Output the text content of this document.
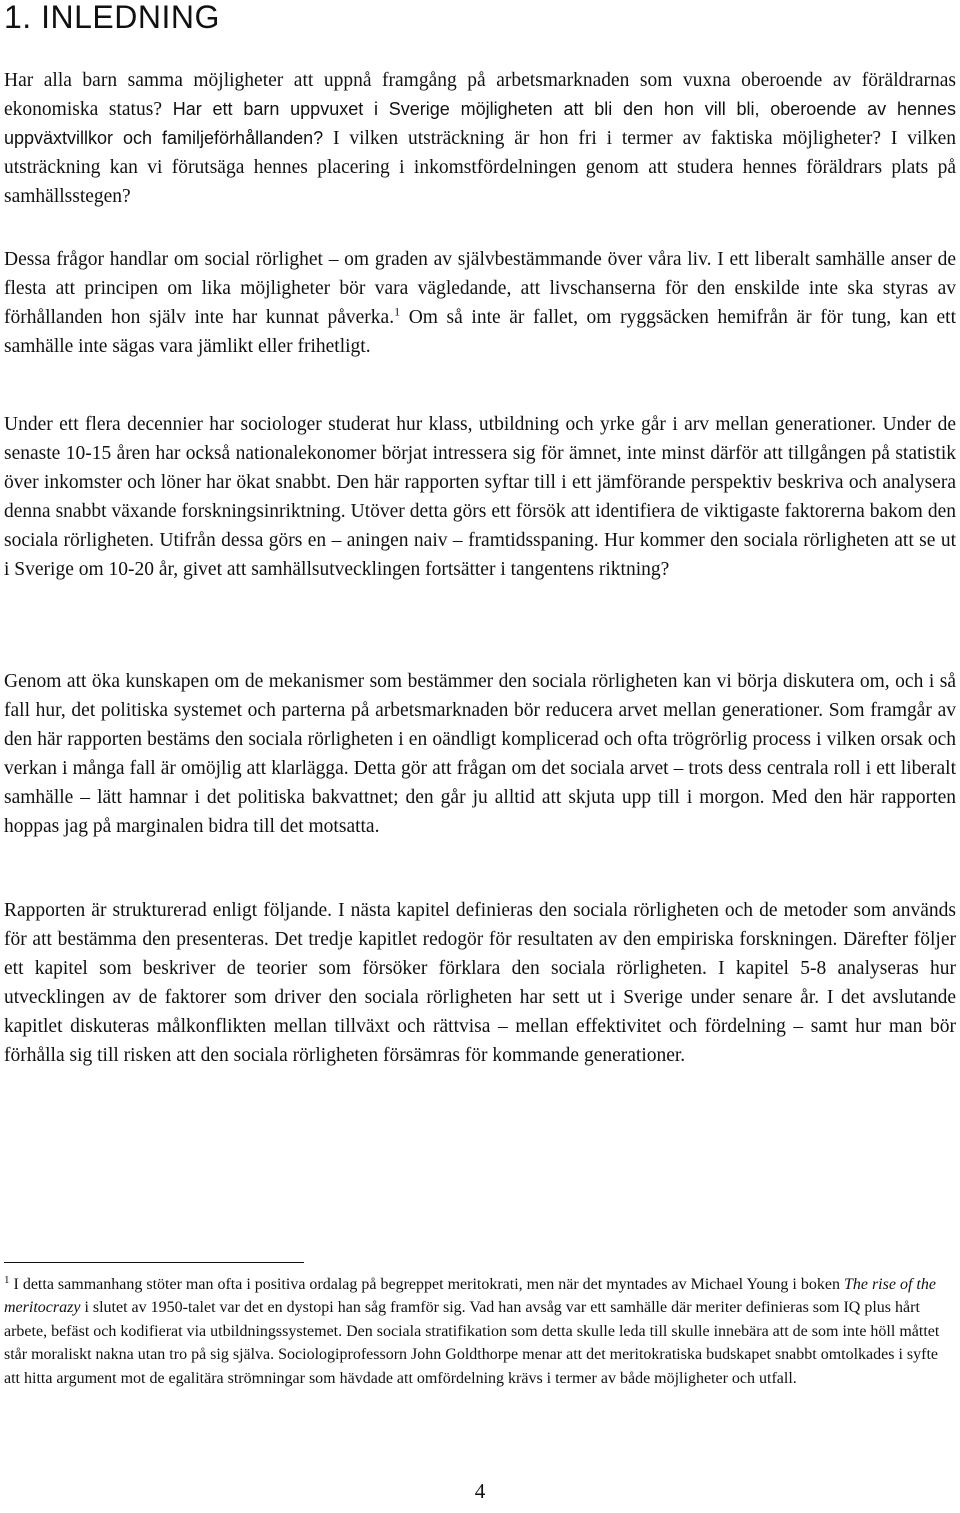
1. INLEDNING

Har alla barn samma möjligheter att uppnå framgång på arbetsmarknaden som vuxna oberoende av föräldrarnas ekonomiska status? Har ett barn uppvuxet i Sverige möjligheten att bli den hon vill bli, oberoende av hennes uppväxtvillkor och familjeförhållanden? I vilken utsträckning är hon fri i termer av faktiska möjligheter? I vilken utsträckning kan vi förutsäga hennes placering i inkomstfördelningen genom att studera hennes föräldrars plats på samhällsstegen?

Dessa frågor handlar om social rörlighet – om graden av självbestämmande över våra liv. I ett liberalt samhälle anser de flesta att principen om lika möjligheter bör vara vägledande, att livschanserna för den enskilde inte ska styras av förhållanden hon själv inte har kunnat påverka.$^1$ Om så inte är fallet, om ryggsäcken hemifrån är för tung, kan ett samhälle inte sägas vara jämlikt eller frihetligt.

Under ett flera decennier har sociologer studerat hur klass, utbildning och yrke går i arv mellan generationer. Under de senaste 10-15 åren har också nationalekonomer börjat intressera sig för ämnet, inte minst därför att tillgången på statistik över inkomster och löner har ökat snabbt. Den här rapporten syftar till i ett jämförande perspektiv beskriva och analysera denna snabbt växande forskningsinriktning. Utöver detta görs ett försök att identifiera de viktigaste faktorerna bakom den sociala rörligheten. Utifrån dessa görs en – aningen naiv – framtidsspaning. Hur kommer den sociala rörligheten att se ut i Sverige om 10-20 år, givet att samhällsutvecklingen fortsätter i tangentens riktning?

Genom att öka kunskapen om de mekanismer som bestämmer den sociala rörligheten kan vi börja diskutera om, och i så fall hur, det politiska systemet och parterna på arbetsmarknaden bör reducera arvet mellan generationer. Som framgår av den här rapporten bestäms den sociala rörligheten i en oändligt komplicerad och ofta trögrörlig process i vilken orsak och verkan i många fall är omöjlig att klarlägga. Detta gör att frågan om det sociala arvet – trots dess centrala roll i ett liberalt samhälle – lätt hamnar i det politiska bakvattnet; den går ju alltid att skjuta upp till i morgon. Med den här rapporten hoppas jag på marginalen bidra till det motsatta.

Rapporten är strukturerad enligt följande. I nästa kapitel definieras den sociala rörligheten och de metoder som används för att bestämma den presenteras. Det tredje kapitlet redogör för resultaten av den empiriska forskningen. Därefter följer ett kapitel som beskriver de teorier som försöker förklara den sociala rörligheten. I kapitel 5-8 analyseras hur utvecklingen av de faktorer som driver den sociala rörligheten har sett ut i Sverige under senare år. I det avslutande kapitlet diskuteras målkonflikten mellan tillväxt och rättvisa – mellan effektivitet och fördelning – samt hur man bör förhålla sig till risken att den sociala rörligheten försämras för kommande generationer.

$^1$ I detta sammanhang stöter man ofta i positiva ordalag på begreppet meritokrati, men när det myntades av Michael Young i boken The rise of the meritocrazy i slutet av 1950-talet var det en dystopi han såg framför sig. Vad han avsåg var ett samhälle där meriter definieras som IQ plus hårt arbete, befäst och kodifierat via utbildningssystemet. Den sociala stratifikation som detta skulle leda till skulle innebära att de som inte höll måttet står moraliskt nakna utan tro på sig själva. Sociologiprofessorn John Goldthorpe menar att det meritokratiska budskapet snabbt omtolkades i syfte att hitta argument mot de egalitära strömningar som hävdade att omfördelning krävs i termer av både möjligheter och utfall.

4
